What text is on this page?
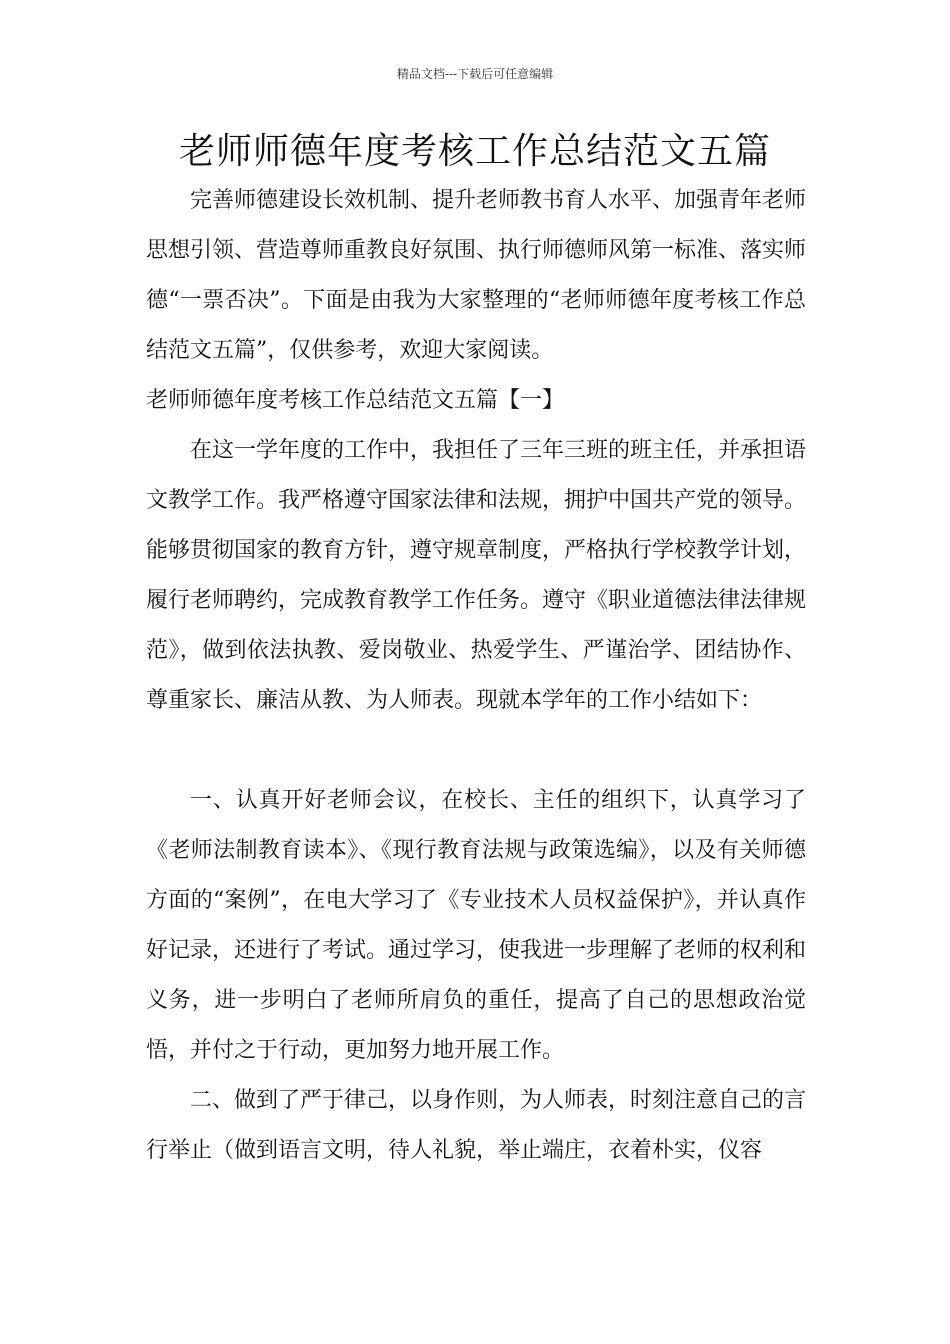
精品文档---下载后可任意编辑
老师师德年度考核工作总结范文五篇

完善师德建设长效机制、提升老师教书育人水平、加强青年老师思想引领、营造尊师重教良好氛围、执行师德师风第一标准、落实师德“一票否决”。下面是由我为大家整理的“老师师德年度考核工作总结范文五篇”，仅供参考，欢迎大家阅读。

老师师德年度考核工作总结范文五篇【一】

在这一学年度的工作中，我担任了三年三班的班主任，并承担语文教学工作。我严格遵守国家法律和法规，拥护中国共产党的领导。能够贯彻国家的教育方针，遵守规章制度，严格执行学校教学计划，履行老师聘约，完成教育教学工作任务。遵守《职业道德法律法律规范》，做到依法执教、爱岗敬业、热爱学生、严谨治学、团结协作、尊重家长、廉洁从教、为人师表。现就本学年的工作小结如下：

一、认真开好老师会议，在校长、主任的组织下，认真学习了《老师法制教育读本》、《现行教育法规与政策选编》，以及有关师德方面的“案例”，在电大学习了《专业技术人员权益保护》，并认真作好记录，还进行了考试。通过学习，使我进一步理解了老师的权利和义务，进一步明白了老师所肩负的重任，提高了自己的思想政治觉悟，并付之于行动，更加努力地开展工作。

二、做到了严于律己，以身作则，为人师表，时刻注意自己的言行举止（做到语言文明，待人礼貌，举止端庄，衣着朴实，仪容
